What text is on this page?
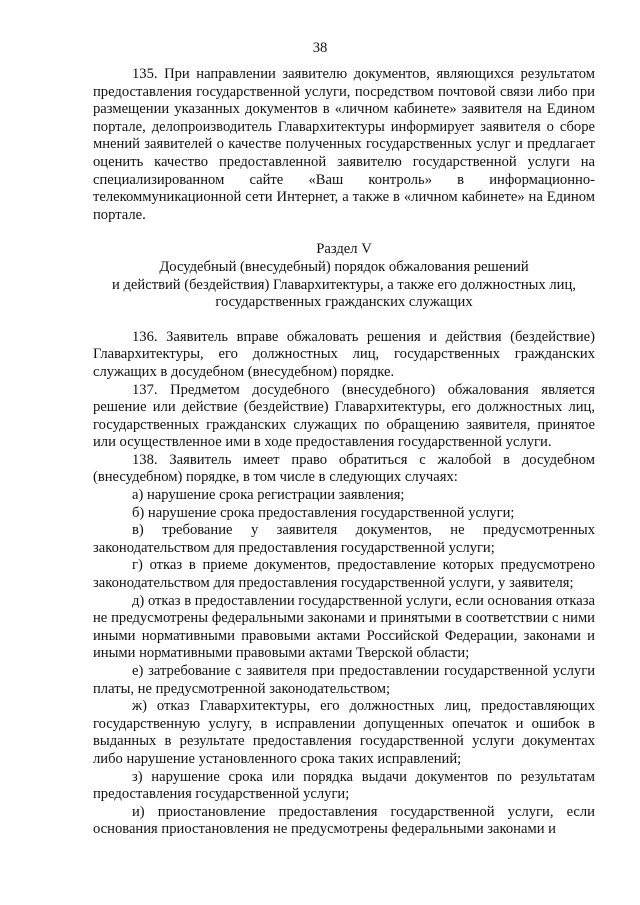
38

135. При направлении заявителю документов, являющихся результатом предоставления государственной услуги, посредством почтовой связи либо при размещении указанных документов в «личном кабинете» заявителя на Едином портале, делопроизводитель Главархитектуры информирует заявителя о сборе мнений заявителей о качестве полученных государственных услуг и предлагает оценить качество предоставленной заявителю государственной услуги на специализированном сайте «Ваш контроль» в информационно-телекоммуникационной сети Интернет, а также в «личном кабинете» на Едином портале.

Раздел V

Досудебный (внесудебный) порядок обжалования решений

и действий (бездействия) Главархитектуры, а также его должностных лиц,

государственных гражданских служащих

136. Заявитель вправе обжаловать решения и действия (бездействие) Главархитектуры, его должностных лиц, государственных гражданских служащих в досудебном (внесудебном) порядке.

137. Предметом досудебного (внесудебного) обжалования является решение или действие (бездействие) Главархитектуры, его должностных лиц, государственных гражданских служащих по обращению заявителя, принятое или осуществленное ими в ходе предоставления государственной услуги.

138. Заявитель имеет право обратиться с жалобой в досудебном (внесудебном) порядке, в том числе в следующих случаях:

а) нарушение срока регистрации заявления;

б) нарушение срока предоставления государственной услуги;

в) требование у заявителя документов, не предусмотренных законодательством для предоставления государственной услуги;

г) отказ в приеме документов, предоставление которых предусмотрено законодательством для предоставления государственной услуги, у заявителя;

д) отказ в предоставлении государственной услуги, если основания отказа не предусмотрены федеральными законами и принятыми в соответствии с ними иными нормативными правовыми актами Российской Федерации, законами и иными нормативными правовыми актами Тверской области;

е) затребование с заявителя при предоставлении государственной услуги платы, не предусмотренной законодательством;

ж) отказ Главархитектуры, его должностных лиц, предоставляющих государственную услугу, в исправлении допущенных опечаток и ошибок в выданных в результате предоставления государственной услуги документах либо нарушение установленного срока таких исправлений;

з) нарушение срока или порядка выдачи документов по результатам предоставления государственной услуги;

и) приостановление предоставления государственной услуги, если основания приостановления не предусмотрены федеральными законами и
